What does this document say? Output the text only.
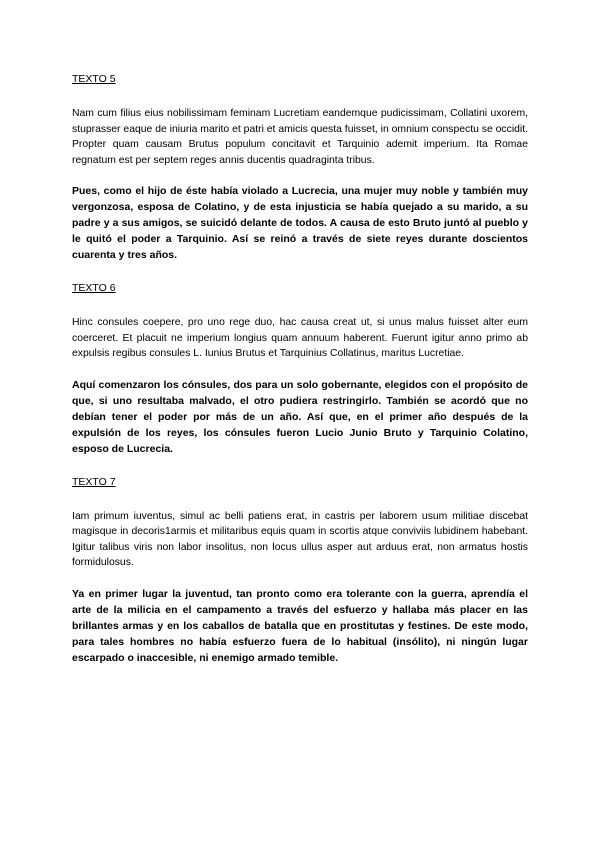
TEXTO 5

Nam cum filius eius nobilissimam feminam Lucretiam eandemque pudicissimam, Collatini uxorem, stuprasser eaque de iniuria marito et patri et amicis questa fuisset, in omnium conspectu se occidit. Propter quam causam Brutus populum concitavit et Tarquinio ademit imperium. Ita Romae regnatum est per septem reges annis ducentis quadraginta tribus.

Pues, como el hijo de éste había violado a Lucrecia, una mujer muy noble y también muy vergonzosa, esposa de Colatino, y de esta injusticia se había quejado a su marido, a su padre y a sus amigos, se suicidó delante de todos. A causa de esto Bruto juntó al pueblo y le quitó el poder a Tarquinio. Así se reinó a través de siete reyes durante doscientos cuarenta y tres años.

TEXTO 6

Hinc consules coepere, pro uno rege duo, hac causa creat ut, si unus malus fuisset alter eum coerceret. Et placuit ne imperium longius quam annuum haberent. Fuerunt igitur anno primo ab expulsis regibus consules L. Iunius Brutus et Tarquinius Collatinus, maritus Lucretiae.

Aquí comenzaron los cónsules, dos para un solo gobernante, elegidos con el propósito de que, si uno resultaba malvado, el otro pudiera restringirlo. También se acordó que no debían tener el poder por más de un año. Así que, en el primer año después de la expulsión de los reyes, los cónsules fueron Lucio Junio Bruto y Tarquinio Colatino, esposo de Lucrecia.

TEXTO 7

Iam primum iuventus, simul ac belli patiens erat, in castris per laborem usum militiae discebat magisque in decoris1armis et militaribus equis quam in scortis atque conviviis lubidinem habebant. Igitur talibus viris non labor insolitus, non locus ullus asper aut arduus erat, non armatus hostis formidulosus.

Ya en primer lugar la juventud, tan pronto como era tolerante con la guerra, aprendía el arte de la milicia en el campamento a través del esfuerzo y hallaba más placer en las brillantes armas y en los caballos de batalla que en prostitutas y festines. De este modo, para tales hombres no había esfuerzo fuera de lo habitual (insólito), ni ningún lugar escarpado o inaccesible, ni enemigo armado temible.
